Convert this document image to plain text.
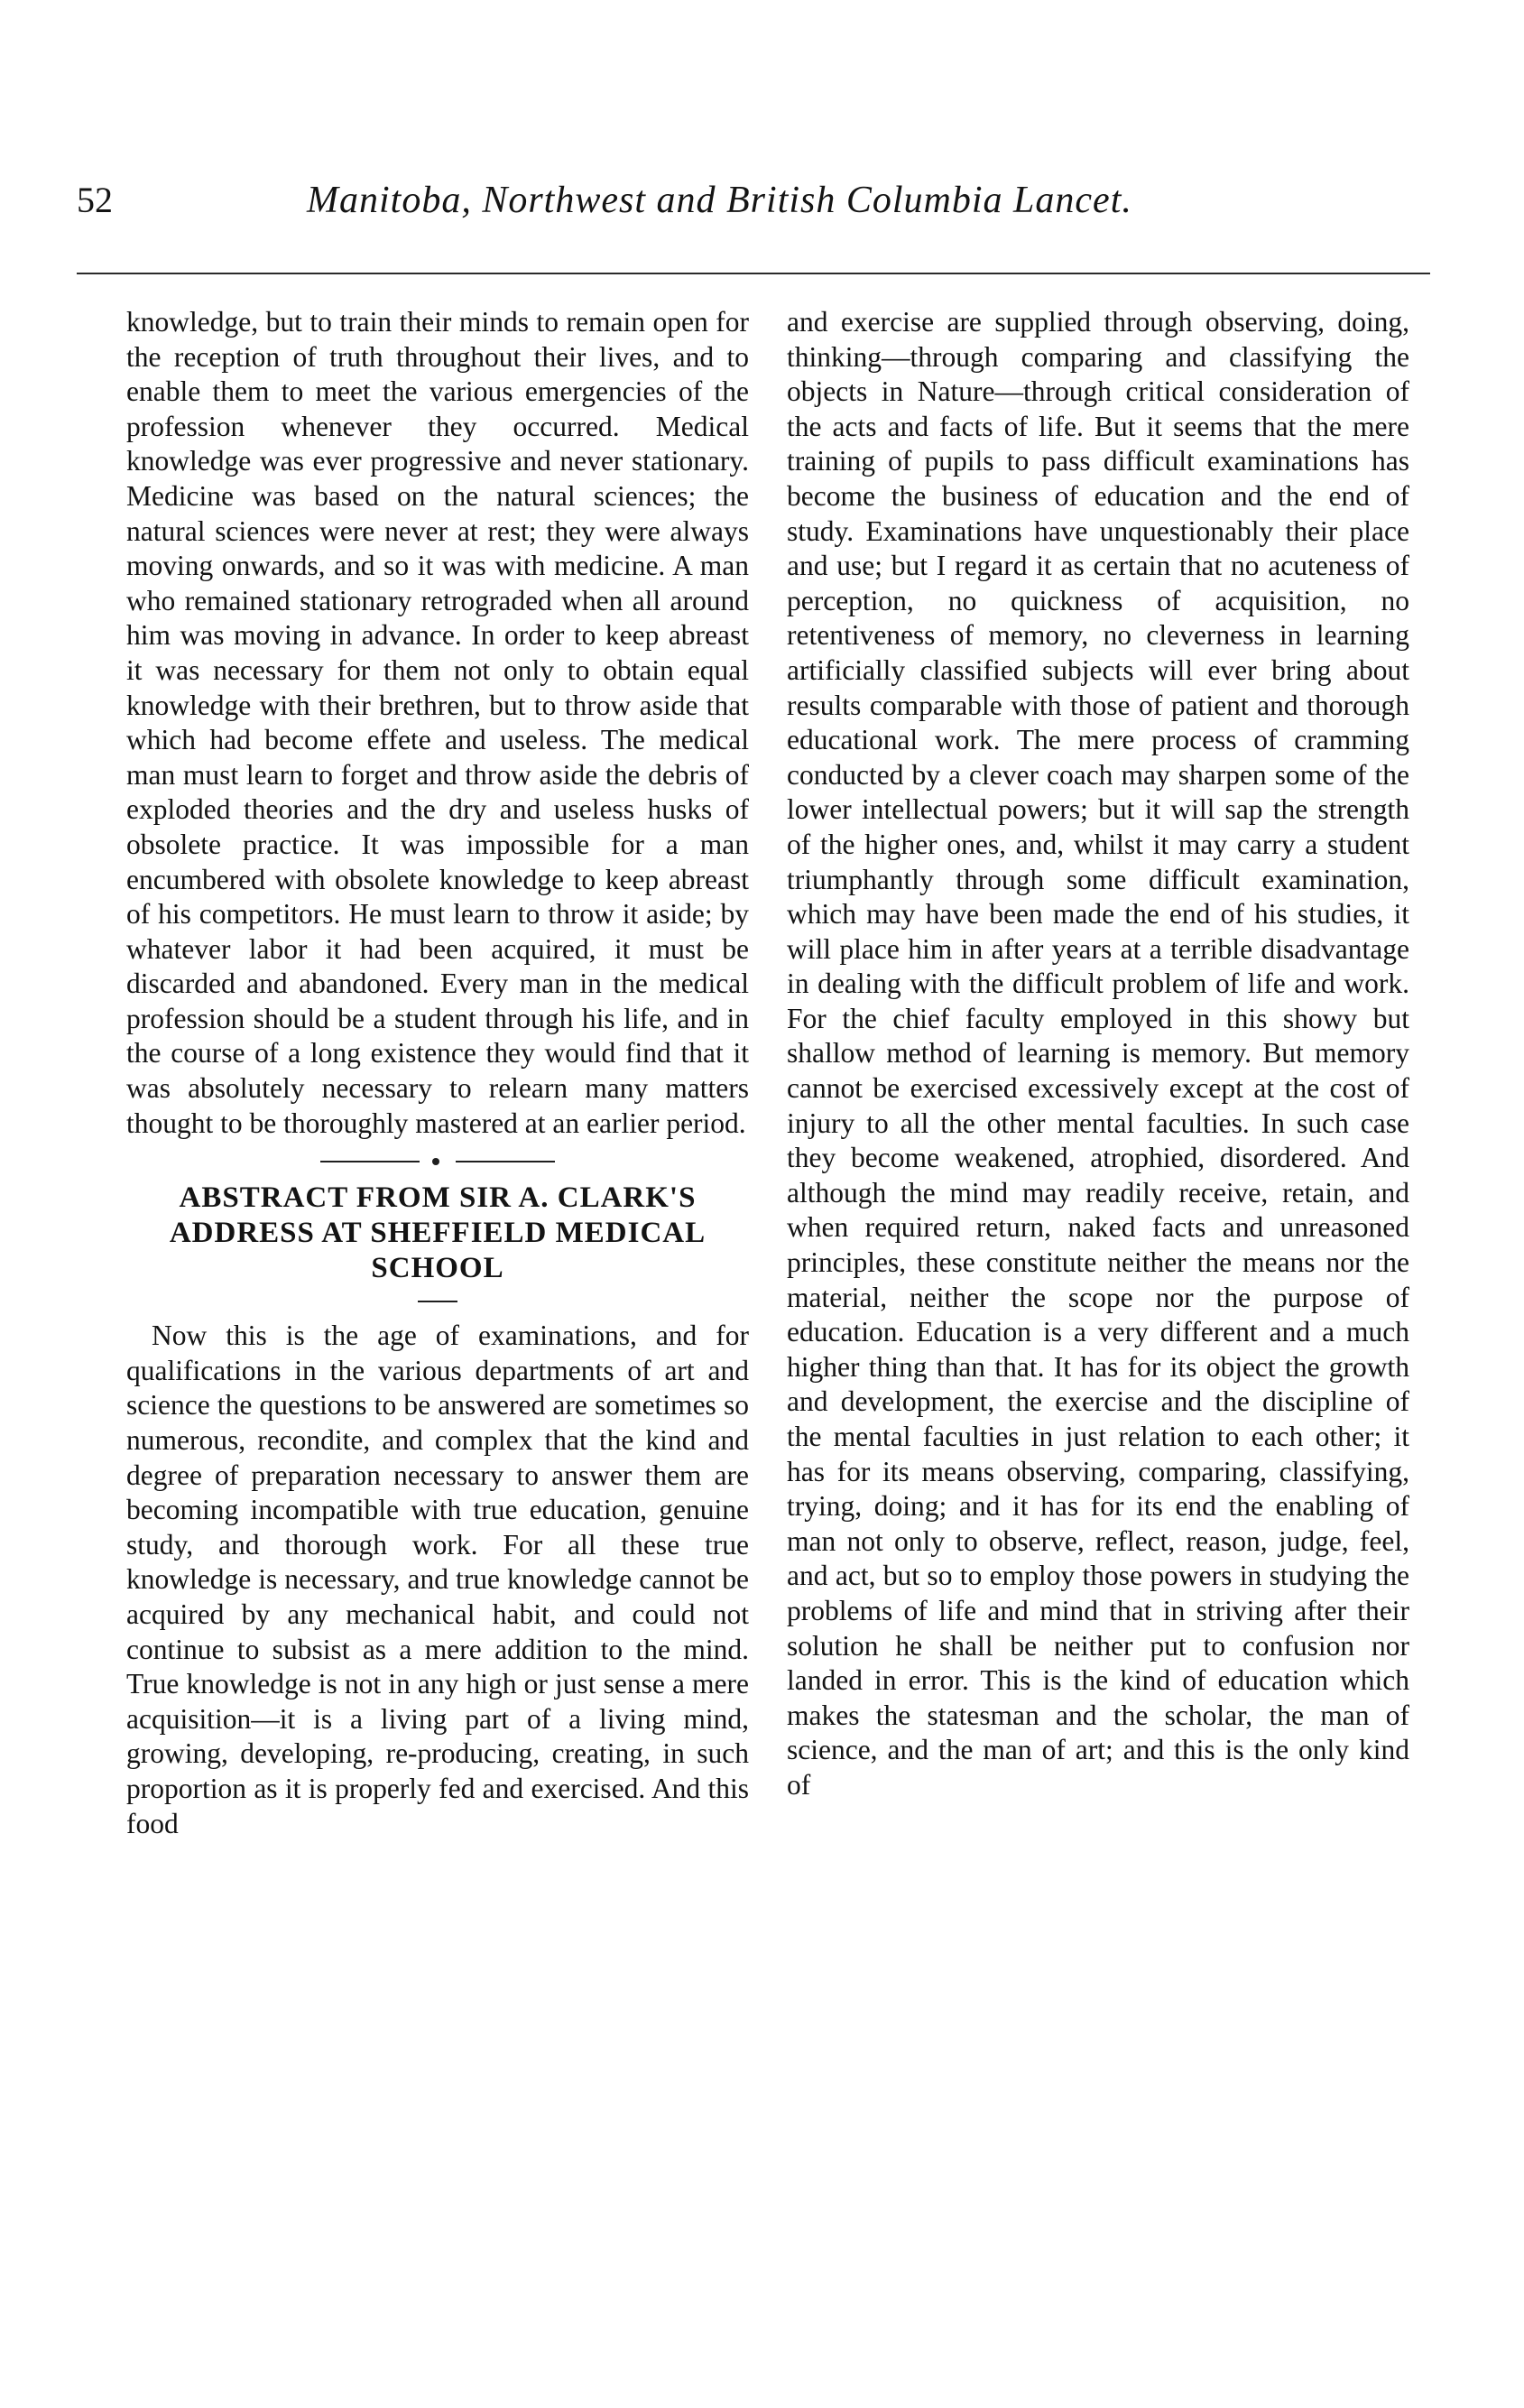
52	Manitoba, Northwest and British Columbia Lancet.

knowledge, but to train their minds to remain open for the reception of truth throughout their lives, and to enable them to meet the various emergencies of the profession whenever they occurred. Medical knowledge was ever progressive and never stationary. Medicine was based on the natural sciences; the natural sciences were never at rest; they were always moving onwards, and so it was with medicine. A man who remained stationary retrograded when all around him was moving in advance. In order to keep abreast it was necessary for them not only to obtain equal knowledge with their brethren, but to throw aside that which had become effete and useless. The medical man must learn to forget and throw aside the debris of exploded theories and the dry and useless husks of obsolete practice. It was impossible for a man encumbered with obsolete knowledge to keep abreast of his competitors. He must learn to throw it aside; by whatever labor it had been acquired, it must be discarded and abandoned. Every man in the medical profession should be a student through his life, and in the course of a long existence they would find that it was absolutely necessary to relearn many matters thought to be thoroughly mastered at an earlier period.

ABSTRACT FROM SIR A. CLARK'S ADDRESS AT SHEFFIELD MEDICAL SCHOOL

Now this is the age of examinations, and for qualifications in the various departments of art and science the questions to be answered are sometimes so numerous, recondite, and complex that the kind and degree of preparation necessary to answer them are becoming incompatible with true education, genuine study, and thorough work. For all these true knowledge is necessary, and true knowledge cannot be acquired by any mechanical habit, and could not continue to subsist as a mere addition to the mind. True knowledge is not in any high or just sense a mere acquisition—it is a living part of a living mind, growing, developing, re-producing, creating, in such proportion as it is properly fed and exercised. And this food

and exercise are supplied through observing, doing, thinking—through comparing and classifying the objects in Nature—through critical consideration of the acts and facts of life. But it seems that the mere training of pupils to pass difficult examinations has become the business of education and the end of study. Examinations have unquestionably their place and use; but I regard it as certain that no acuteness of perception, no quickness of acquisition, no retentiveness of memory, no cleverness in learning artificially classified subjects will ever bring about results comparable with those of patient and thorough educational work. The mere process of cramming conducted by a clever coach may sharpen some of the lower intellectual powers; but it will sap the strength of the higher ones, and, whilst it may carry a student triumphantly through some difficult examination, which may have been made the end of his studies, it will place him in after years at a terrible disadvantage in dealing with the difficult problem of life and work. For the chief faculty employed in this showy but shallow method of learning is memory. But memory cannot be exercised excessively except at the cost of injury to all the other mental faculties. In such case they become weakened, atrophied, disordered. And although the mind may readily receive, retain, and when required return, naked facts and unreasoned principles, these constitute neither the means nor the material, neither the scope nor the purpose of education. Education is a very different and a much higher thing than that. It has for its object the growth and development, the exercise and the discipline of the mental faculties in just relation to each other; it has for its means observing, comparing, classifying, trying, doing; and it has for its end the enabling of man not only to observe, reflect, reason, judge, feel, and act, but so to employ those powers in studying the problems of life and mind that in striving after their solution he shall be neither put to confusion nor landed in error. This is the kind of education which makes the statesman and the scholar, the man of science, and the man of art; and this is the only kind of
